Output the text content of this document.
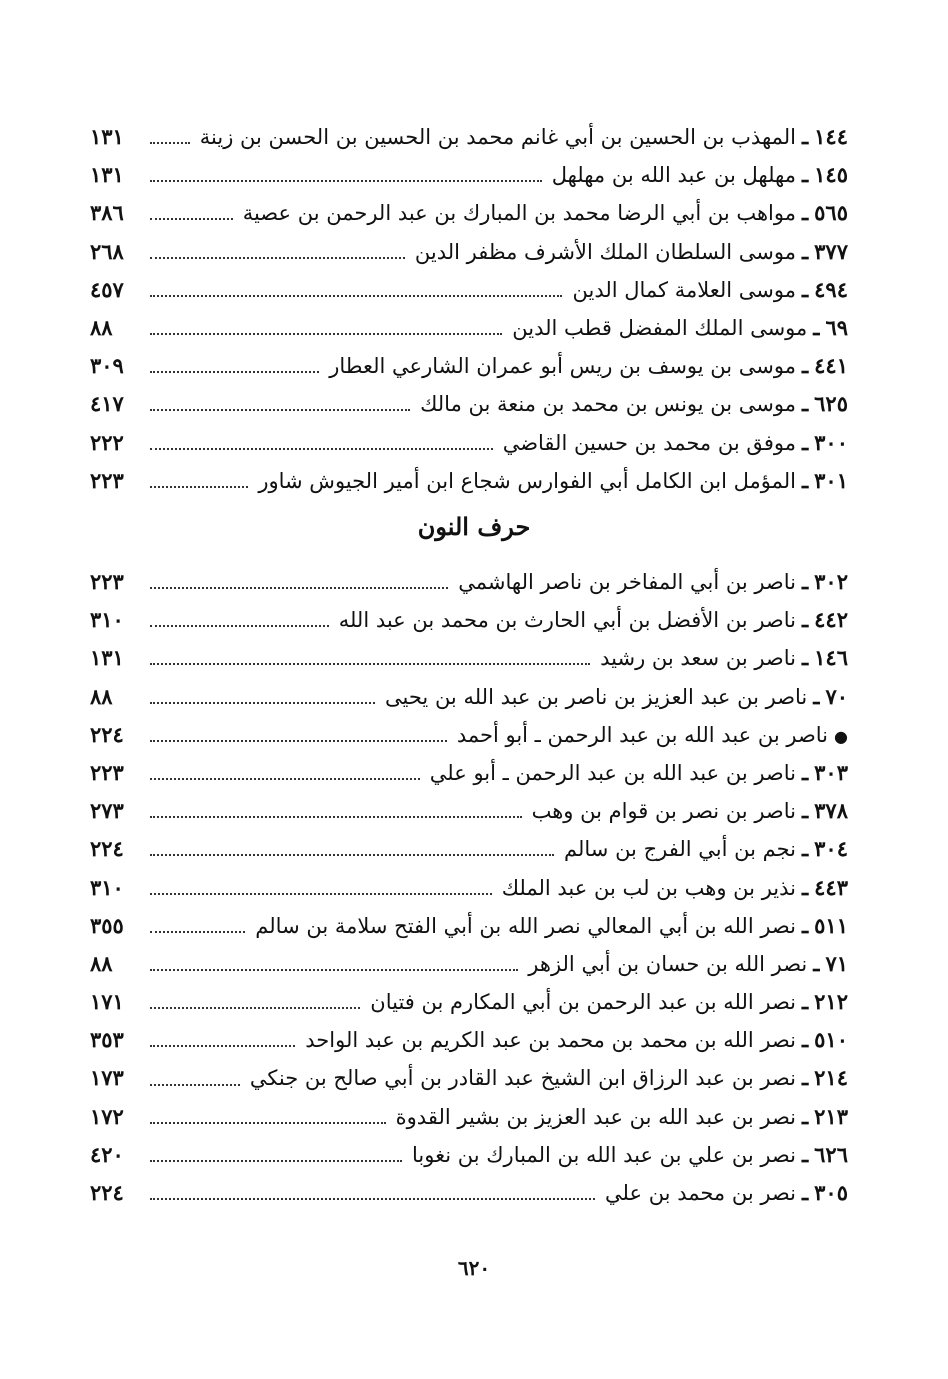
١٤٤
ـ
المهذب بن الحسين بن أبي غانم محمد بن الحسين بن الحسن بن زينة
١٣١
١٤٥
ـ
مهلهل بن عبد الله بن مهلهل
١٣١
٥٦٥
ـ
مواهب بن أبي الرضا محمد بن المبارك بن عبد الرحمن بن عصية
٣٨٦
٣٧٧
ـ
موسى السلطان الملك الأشرف مظفر الدين
٢٦٨
٤٩٤
ـ
موسى العلامة كمال الدين
٤٥٧
٦٩
ـ
موسى الملك المفضل قطب الدين
٨٨
٤٤١
ـ
موسى بن يوسف بن ريس أبو عمران الشارعي العطار
٣٠٩
٦٢٥
ـ
موسى بن يونس بن محمد بن منعة بن مالك
٤١٧
٣٠٠
ـ
موفق بن محمد بن حسين القاضي
٢٢٢
٣٠١
ـ
المؤمل ابن الكامل أبي الفوارس شجاع ابن أمير الجيوش شاور
٢٢٣
حرف النون
٣٠٢
ـ
ناصر بن أبي المفاخر بن ناصر الهاشمي
٢٢٣
٤٤٢
ـ
ناصر بن الأفضل بن أبي الحارث بن محمد بن عبد الله
٣١٠
١٤٦
ـ
ناصر بن سعد بن رشيد
١٣١
٧٠
ـ
ناصر بن عبد العزيز بن ناصر بن عبد الله بن يحيى
٨٨
●
ناصر بن عبد الله بن عبد الرحمن ـ أبو أحمد
٢٢٤
٣٠٣
ـ
ناصر بن عبد الله بن عبد الرحمن ـ أبو علي
٢٢٣
٣٧٨
ـ
ناصر بن نصر بن قوام بن وهب
٢٧٣
٣٠٤
ـ
نجم بن أبي الفرج بن سالم
٢٢٤
٤٤٣
ـ
نذير بن وهب بن لب بن عبد الملك
٣١٠
٥١١
ـ
نصر الله بن أبي المعالي نصر الله بن أبي الفتح سلامة بن سالم
٣٥٥
٧١
ـ
نصر الله بن حسان بن أبي الزهر
٨٨
٢١٢
ـ
نصر الله بن عبد الرحمن بن أبي المكارم بن فتيان
١٧١
٥١٠
ـ
نصر الله بن محمد بن محمد بن عبد الكريم بن عبد الواحد
٣٥٣
٢١٤
ـ
نصر بن عبد الرزاق ابن الشيخ عبد القادر بن أبي صالح بن جنكي
١٧٣
٢١٣
ـ
نصر بن عبد الله بن عبد العزيز بن بشير القدوة
١٧٢
٦٢٦
ـ
نصر بن علي بن عبد الله بن المبارك بن نغوبا
٤٢٠
٣٠٥
ـ
نصر بن محمد بن علي
٢٢٤
٦٢٠
